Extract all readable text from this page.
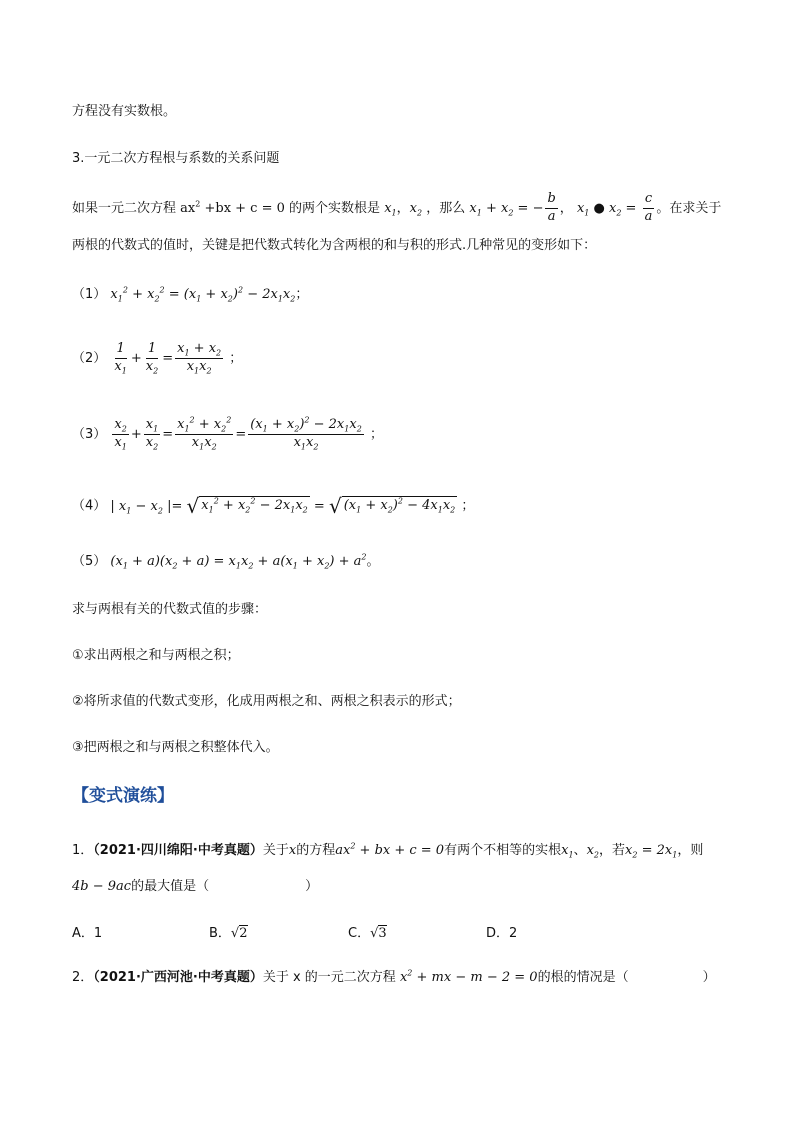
方程没有实数根。
3.一元二次方程根与系数的关系问题
如果一元二次方程 $ax^2 +bx + c = 0$ 的两个实数根是 $x_1$，$x_2$ ，那么 $x_1 + x_2$ = − $\frac{b}{a}$ ， $x_1$ ● $x_2 = \frac{c}{a}$ 。在求关于
两根的代数式的值时，关键是把代数式转化为含两根的和与积的形式.几种常见的变形如下：
（1） $x_1^2 + x_2^2 = (x_1 + x_2)^2 - 2x_1x_2$；
$(2) \frac{1}{x_1} + \frac{1}{x_2} = \frac{x_1 + x_2}{x_1x_2}$ ；
$(3) \frac{x_2}{x_1} + \frac{x_1}{x_2} = \frac{x_1^2 + x_2^2}{x_1x_2} = \frac{(x_1 + x_2)^2 - 2x_1x_2}{x_1x_2}$ ；
（4） | $x_1 - x_2$ |= √ $x_1^2 + x_2^2 - 2x_1x_2$ = √ $(x_1 + x_2)^2 - 4x_1x_2$ ；
（5） $(x_1 + a)(x_2 + a) = x_1x_2 + a(x_1 + x_2) + a^2$。
求与两根有关的代数式值的步骤：
①求出两根之和与两根之积；
②将所求值的代数式变形，化成用两根之和、两根之积表示的形式；
③把两根之和与两根之积整体代入。
【变式演练】
1．（2021·四川绵阳·中考真题）关于x的方程$ax^2$ + bx + c = 0有两个不相等的实根$x_1$、$x_2$，若$x_2 = 2x_1$，则
4b − 9ac的最大值是（	）
A．1	B．√2	C．√3	D．2
2．（2021·广西河池·中考真题）关于 x 的一元二次方程 $x^2$ + mx − m − 2 = 0的根的情况是（	）
